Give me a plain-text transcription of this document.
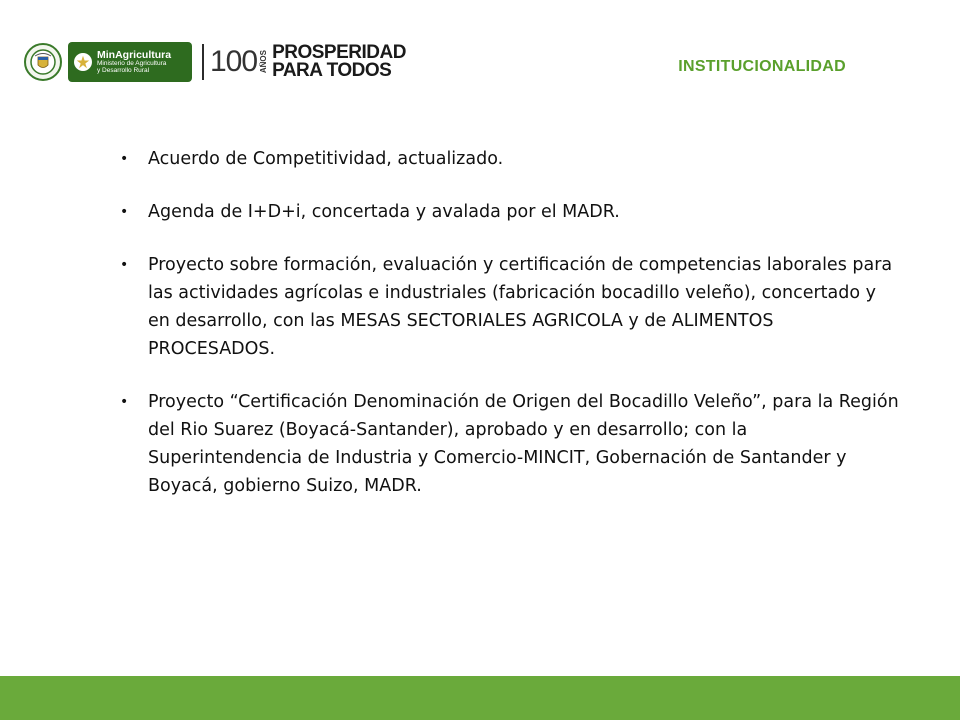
MinAgricultura
Ministerio de Agricultura
y Desarrollo Rural	100 AÑOS PROSPERIDAD
PARA TODOS	INSTITUCIONALIDAD
• Acuerdo de Competitividad, actualizado.
• Agenda de I+D+i, concertada y avalada por el MADR.
• Proyecto sobre formación, evaluación y certificación de competencias laborales para las actividades agrícolas e industriales (fabricación bocadillo veleño), concertado y en desarrollo, con las MESAS SECTORIALES AGRICOLA y de ALIMENTOS PROCESADOS.
• Proyecto “Certificación Denominación de Origen del Bocadillo Veleño”, para la Región del Rio Suarez (Boyacá-Santander), aprobado y en desarrollo; con la Superintendencia de Industria y Comercio-MINCIT, Gobernación de Santander y Boyacá, gobierno Suizo, MADR.
